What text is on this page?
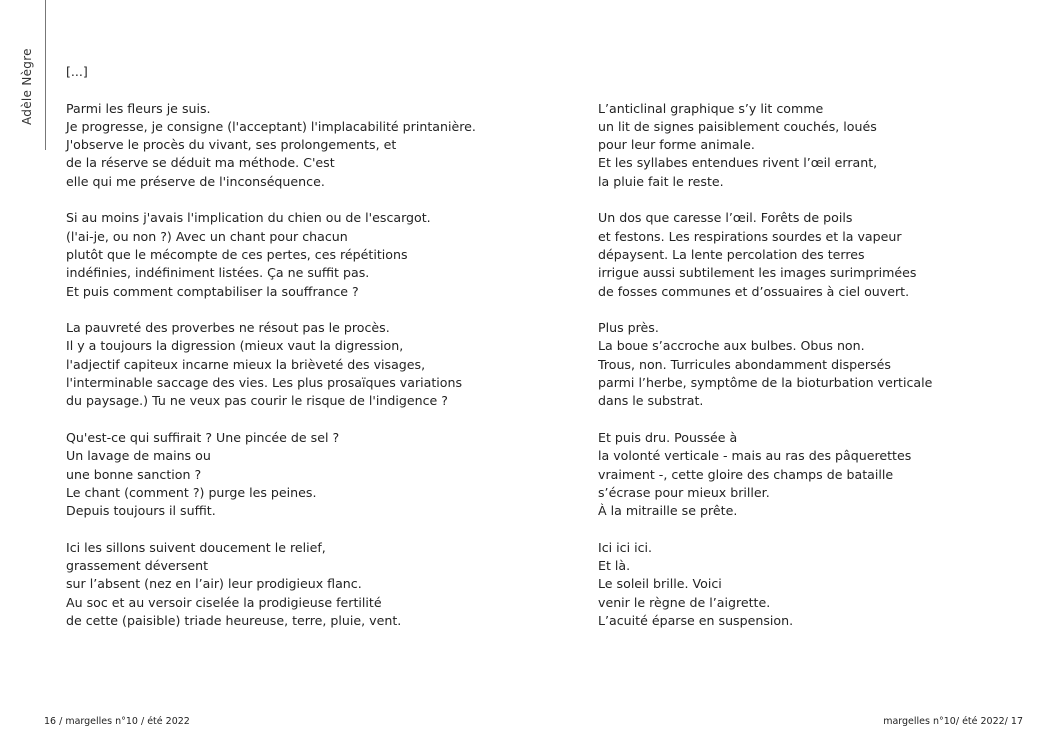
Adèle Nègre	[...]
Parmi les fleurs je suis.
Je progresse, je consigne (l'acceptant) l'implacabilité printanière.
J'observe le procès du vivant, ses prolongements, et
de la réserve se déduit ma méthode. C'est
elle qui me préserve de l'inconséquence.
Si au moins j'avais l'implication du chien ou de l'escargot.
(l'ai-je, ou non ?) Avec un chant pour chacun
plutôt que le mécompte de ces pertes, ces répétitions
indéfinies, indéfiniment listées. Ça ne suffit pas.
Et puis comment comptabiliser la souffrance ?
La pauvreté des proverbes ne résout pas le procès.
Il y a toujours la digression (mieux vaut la digression,
l'adjectif capiteux incarne mieux la brièveté des visages,
l'interminable saccage des vies. Les plus prosaïques variations
du paysage.) Tu ne veux pas courir le risque de l'indigence ?
Qu'est-ce qui suffirait ? Une pincée de sel ?
Un lavage de mains ou
une bonne sanction ?
Le chant (comment ?) purge les peines.
Depuis toujours il suffit.
Ici les sillons suivent doucement le relief,
grassement déversent
sur l’absent (nez en l’air) leur prodigieux flanc.
Au soc et au versoir ciselée la prodigieuse fertilité
de cette (paisible) triade heureuse, terre, pluie, vent.

L’anticlinal graphique s’y lit comme
un lit de signes paisiblement couchés, loués
pour leur forme animale.
Et les syllabes entendues rivent l’œil errant,
la pluie fait le reste.
Un dos que caresse l’œil. Forêts de poils
et festons. Les respirations sourdes et la vapeur
dépaysent. La lente percolation des terres
irrigue aussi subtilement les images surimprimées
de fosses communes et d’ossuaires à ciel ouvert.
Plus près.
La boue s’accroche aux bulbes. Obus non.
Trous, non. Turricules abondamment dispersés
parmi l’herbe, symptôme de la bioturbation verticale
dans le substrat.
Et puis dru. Poussée à
la volonté verticale - mais au ras des pâquerettes
vraiment -, cette gloire des champs de bataille
s’écrase pour mieux briller.
À la mitraille se prête.
Ici ici ici.
Et là.
Le soleil brille. Voici
venir le règne de l’aigrette.
L’acuité éparse en suspension.
16 / margelles n°10 / été 2022	margelles n°10/ été 2022/ 17
